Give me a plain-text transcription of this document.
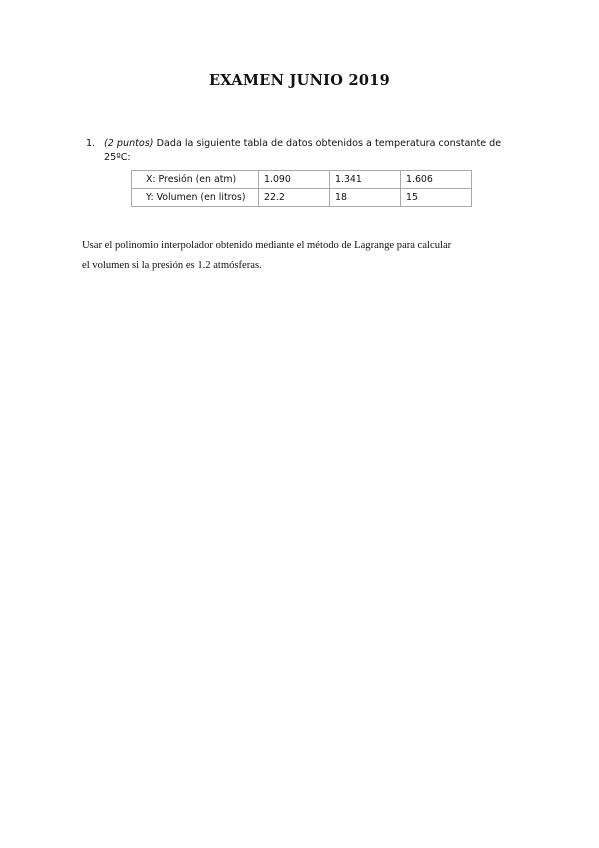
EXAMEN JUNIO 2019
1. (2 puntos) Dada la siguiente tabla de datos obtenidos a temperatura constante de
25ºC:
X: Presión (en atm)	1.090	1.341	1.606
Y: Volumen (en litros)	22.2	18	15
Usar el polinomio interpolador obtenido mediante el método de Lagrange para calcular
el volumen si la presión es 1.2 atmósferas.
